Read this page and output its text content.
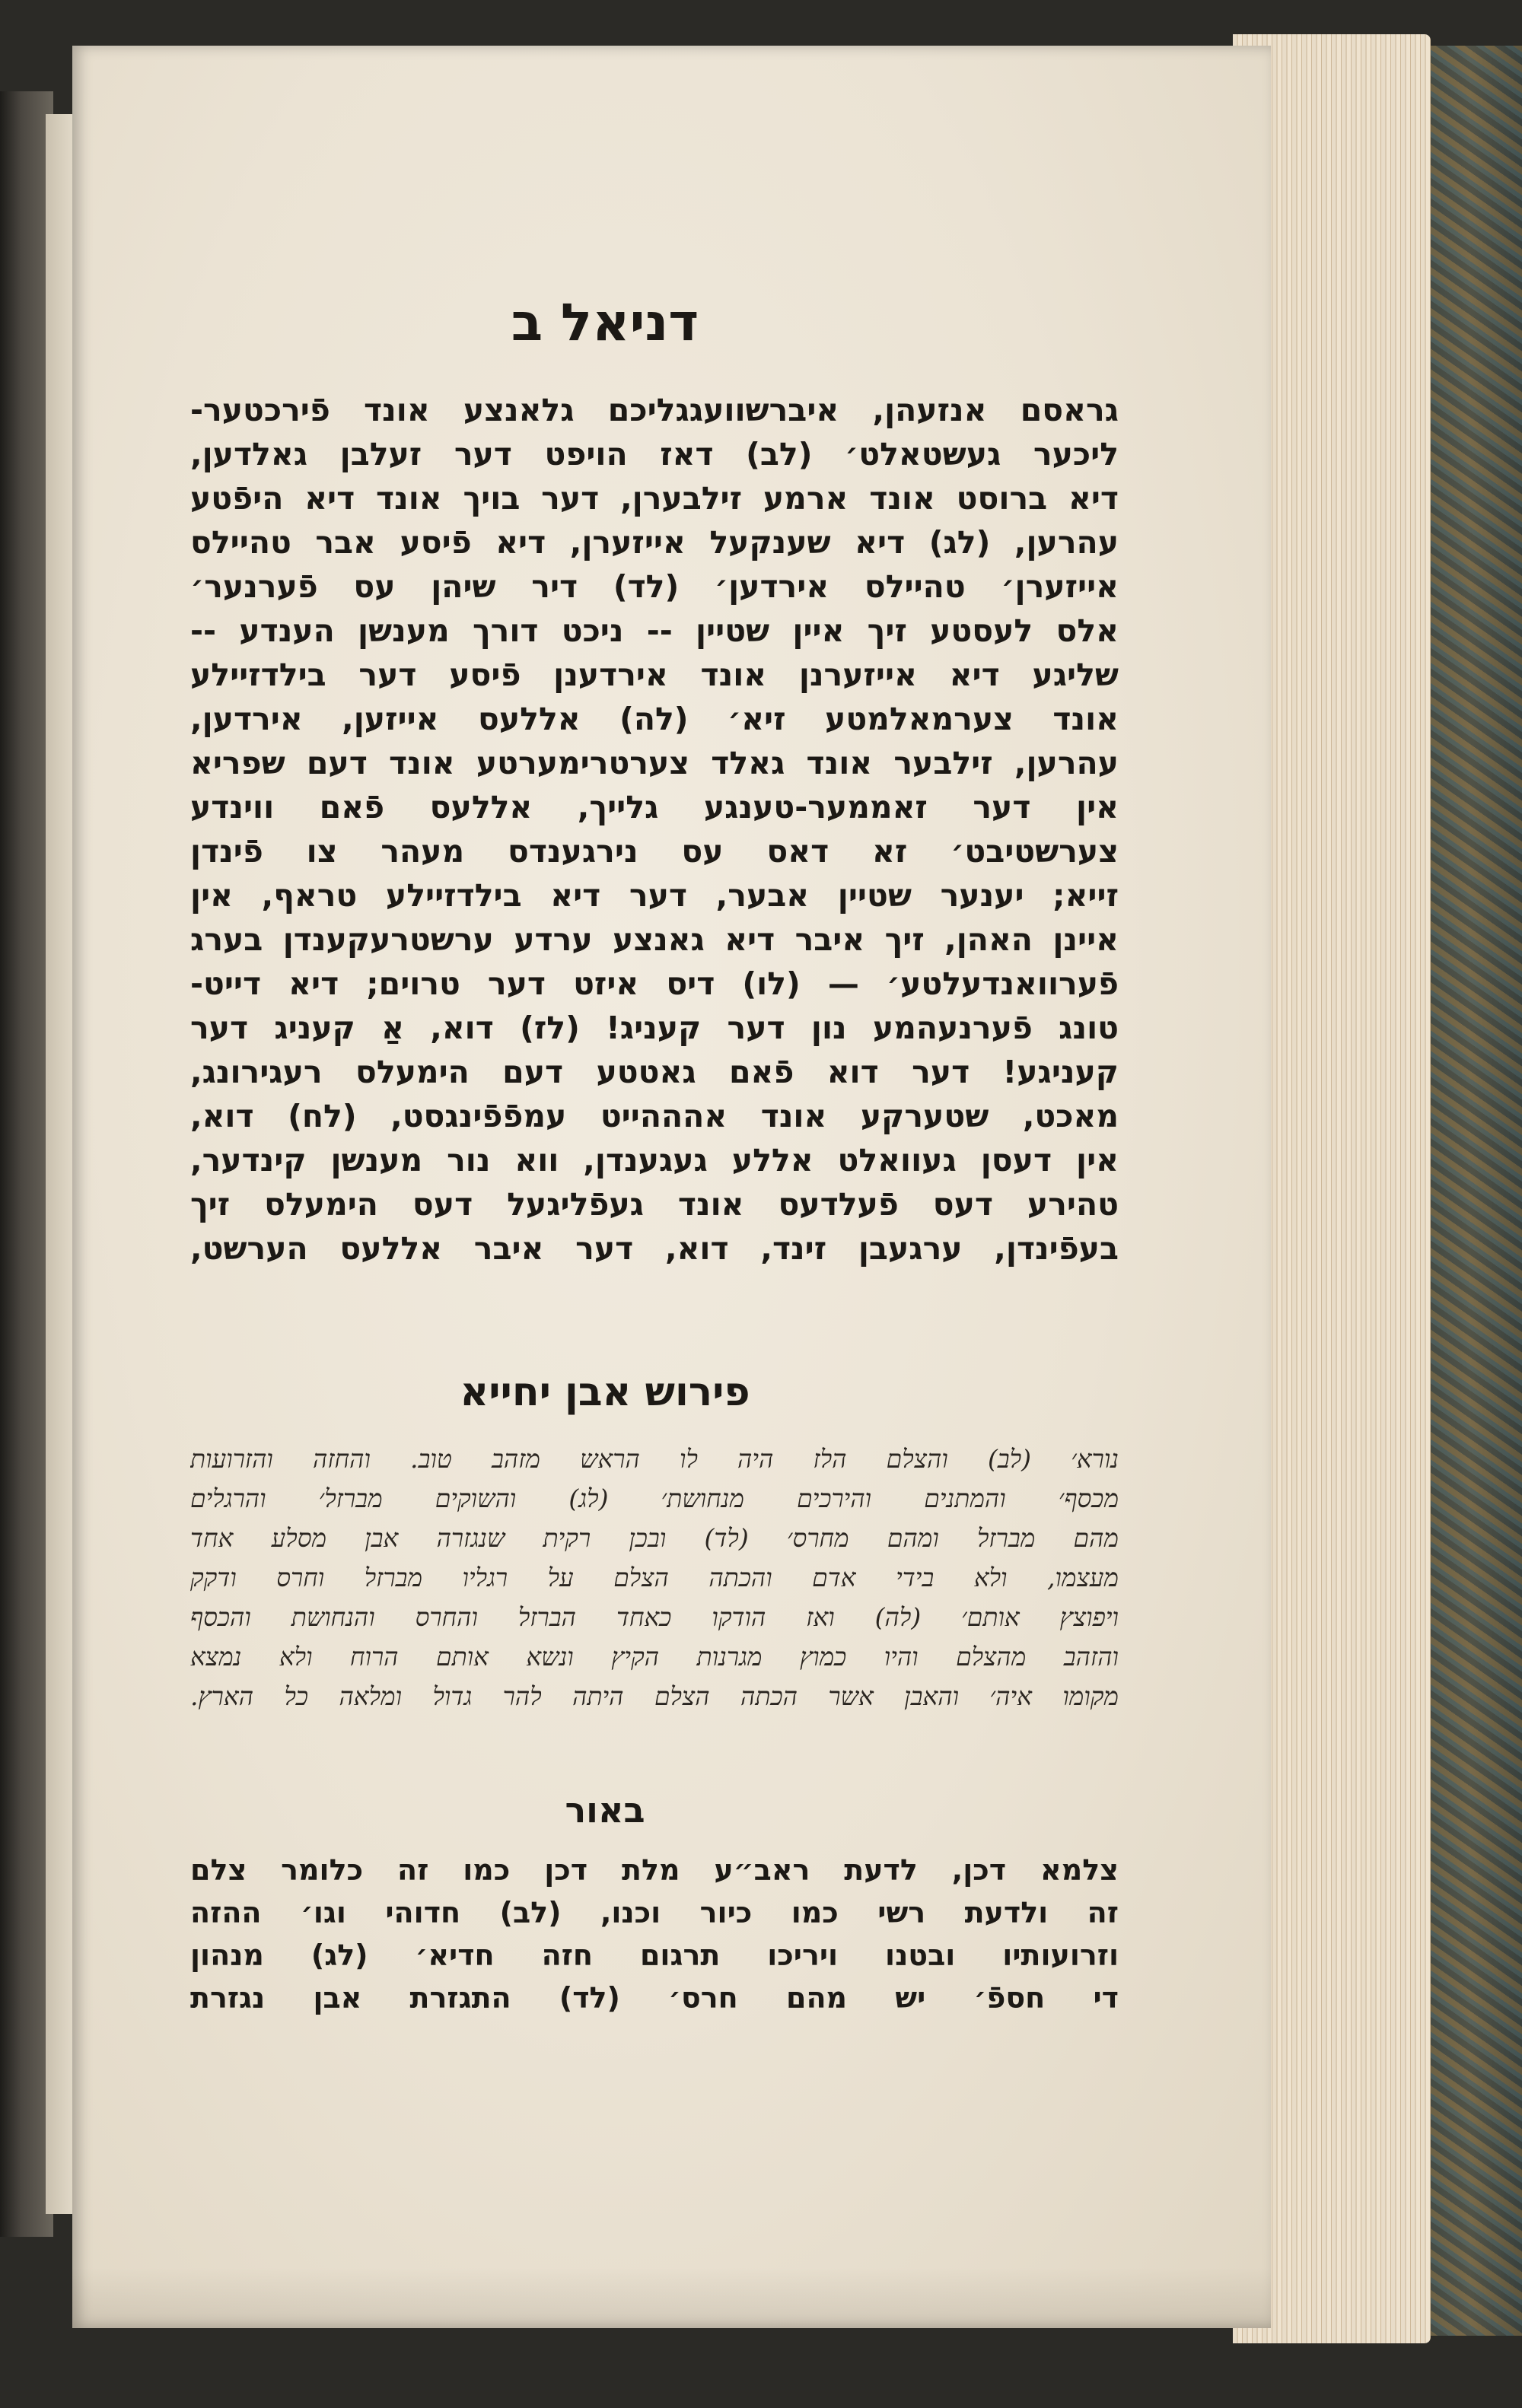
דניאל ב
גראסם אנזעהן, איברשוועגגליכם גלאנצע אונד פֿירכטער-
ליכער געשטאלט׳ (לב) דאז הויפט דער זעלבן גאלדען,
דיא ברוסט אונד ארמע זילבערן, דער בויך אונד דיא היפֿטע
עהרען, (לג) דיא שענקעל אייזערן, דיא פֿיסע אבר טהיילס
אייזערן׳ טהיילס אירדען׳ (לד) דיר שיהן עס פֿערנער׳
אלס לעסטע זיך איין שטיין -- ניכט דורך מענשן הענדע --
שליגע דיא אייזערנן אונד אירדענן פֿיסע דער בילדזיילע
אונד צערמאלמטע זיא׳ (לה) אללעס אייזען, אירדען,
עהרען, זילבער אונד גאלד צערטרימערטע אונד דעם שפריא
אין דער זאממער-טענגע גלייך, אללעס פֿאם ווינדע
צערשטיבט׳ זא דאס עס נירגענדס מעהר צו פֿינדן
זייא; יענער שטיין אבער, דער דיא בילדזיילע טראף, אין
איינן האהן, זיך איבר דיא גאנצע ערדע ערשטרעקענדן בערג
פֿערוואנדעלטע׳ — (לו) דיס איזט דער טרוים; דיא דייט-
טונג פֿערנעהמע נון דער קעניג! (לז) דוא, אַ קעניג דער
קעניגע! דער דוא פֿאם גאטטע דעם הימעלס רעגירונג,
מאכט, שטערקע אונד אהההייט עמפֿפֿינגסט, (לח) דוא,
אין דעסן געוואלט אללע געגענדן, ווא נור מענשן קינדער,
טהירע דעס פֿעלדעס אונד געפֿליגעל דעס הימעלס זיך
בעפֿינדן, ערגעבן זינד, דוא, דער איבר אללעס הערשט,
פירוש אבן יחייא
נורא׳ (לב) והצלם הלז היה לו הראש מזהב טוב. והחזה והזרועות
מכסף׳ והמתנים והירכים מנחושת׳ (לג) והשוקים מברזל׳ והרגלים
מהם מברזל ומהם מחרס׳ (לד) ובכן רקית שנגזרה אבן מסלע אחד
מעצמו, ולא בידי אדם והכתה הצלם על רגליו מברזל וחרס ודקק
ויפוצץ אותם׳ (לה) ואז הודקו כאחד הברזל והחרס והנחושת והכסף
והזהב מהצלם והיו כמוץ מגרנות הקיץ ונשא אותם הרוח ולא נמצא
מקומו איה׳ והאבן אשר הכתה הצלם היתה להר גדול ומלאה כל הארץ.
באור
צלמא דכן, לדעת ראב״ע מלת דכן כמו זה כלומר צלם
זה ולדעת רשי כמו כיור וכנו, (לב) חדוהי וגו׳ ההזה
וזרועותיו ובטנו ויריכו תרגום חזה חדיא׳ (לג) מנהון
די חספֿ׳ יש מהם חרס׳ (לד) התגזרת אבן נגזרת
